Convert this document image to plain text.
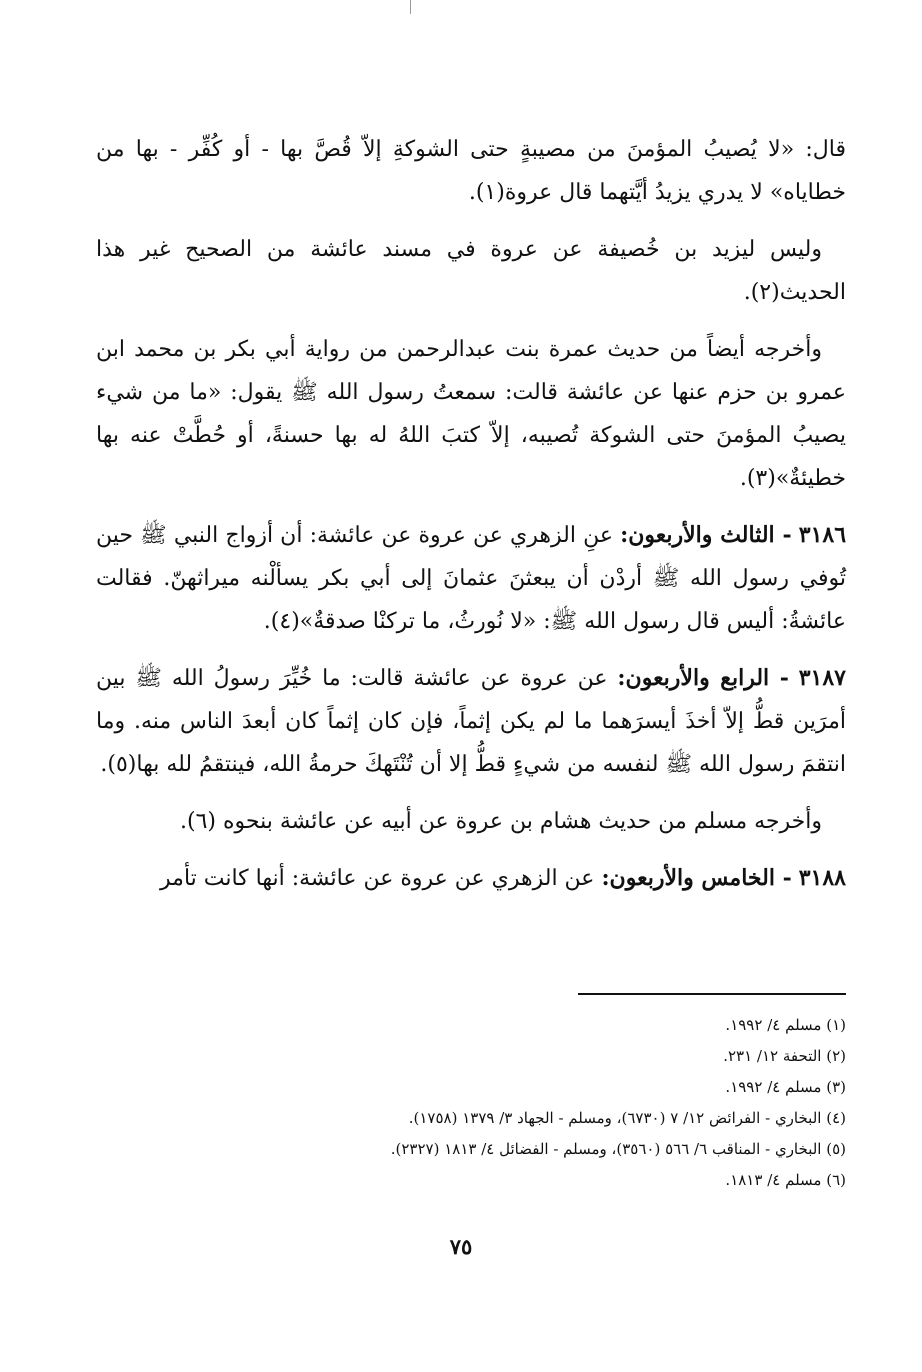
قال: «لا يُصيبُ المؤمنَ من مصيبةٍ حتى الشوكةِ إلاّ قُصَّ بها - أو كُفِّر - بها من خطاياه» لا يدري يزيدُ أيَّتهما قال عروة(١).

وليس ليزيد بن خُصيفة عن عروة في مسند عائشة من الصحيح غير هذا الحديث(٢).

وأخرجه أيضاً من حديث عمرة بنت عبدالرحمن من رواية أبي بكر بن محمد ابن عمرو بن حزم عنها عن عائشة قالت: سمعتُ رسول الله ﷺ يقول: «ما من شيء يصيبُ المؤمنَ حتى الشوكة تُصيبه، إلاّ كتبَ اللهُ له بها حسنةً، أو حُطَّتْ عنه بها خطيئةٌ»(٣).

٣١٨٦ - الثالث والأربعون: عنِ الزهري عن عروة عن عائشة: أن أزواج النبي ﷺ حين تُوفي رسول الله ﷺ أردْن أن يبعثنَ عثمانَ إلى أبي بكر يسألْنه ميراثهنّ. فقالت عائشةُ: أليس قال رسول الله ﷺ: «لا نُورثُ، ما تركنْا صدقةٌ»(٤).

٣١٨٧ - الرابع والأربعون: عن عروة عن عائشة قالت: ما خُيِّرَ رسولُ الله ﷺ بين أمرَين قطُّ إلاّ أخذَ أيسرَهما ما لم يكن إثماً، فإن كان إثماً كان أبعدَ الناس منه. وما انتقمَ رسول الله ﷺ لنفسه من شيءٍ قطُّ إلا أن تُنْتَهكَ حرمةُ الله، فينتقمُ لله بها(٥).

وأخرجه مسلم من حديث هشام بن عروة عن أبيه عن عائشة بنحوه (٦).

٣١٨٨ - الخامس والأربعون: عن الزهري عن عروة عن عائشة: أنها كانت تأمر

(١) مسلم ٤/ ١٩٩٢.
(٢) التحفة ١٢/ ٢٣١.
(٣) مسلم ٤/ ١٩٩٢.
(٤) البخاري - الفرائض ١٢/ ٧ (٦٧٣٠)، ومسلم - الجهاد ٣/ ١٣٧٩ (١٧٥٨).
(٥) البخاري - المناقب ٦/ ٥٦٦ (٣٥٦٠)، ومسلم - الفضائل ٤/ ١٨١٣ (٢٣٢٧).
(٦) مسلم ٤/ ١٨١٣.
٧٥
